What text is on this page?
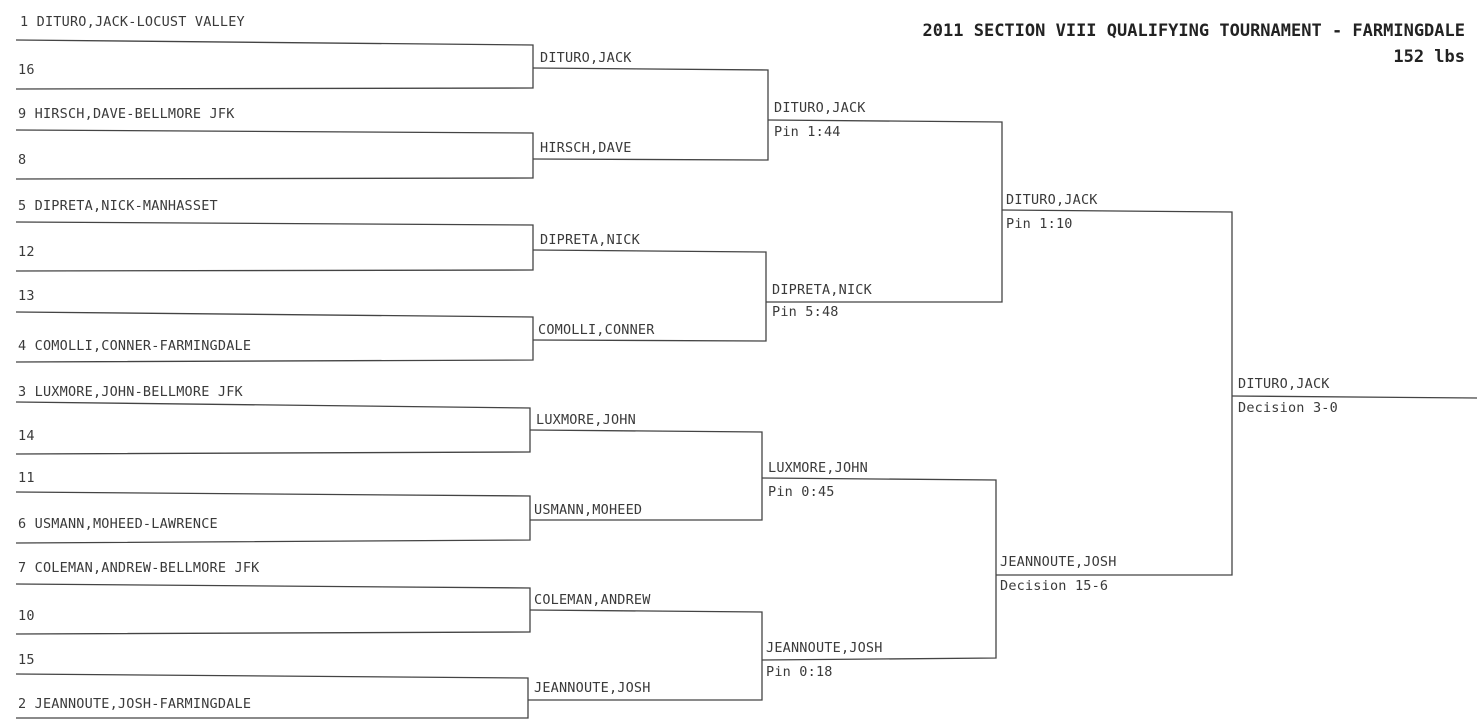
2011 SECTION VIII QUALIFYING TOURNAMENT - FARMINGDALE
152 lbs
1 DITURO,JACK-LOCUST VALLEY
16
9 HIRSCH,DAVE-BELLMORE JFK
8
5 DIPRETA,NICK-MANHASSET
12
13
4 COMOLLI,CONNER-FARMINGDALE
3 LUXMORE,JOHN-BELLMORE JFK
14
11
6 USMANN,MOHEED-LAWRENCE
7 COLEMAN,ANDREW-BELLMORE JFK
10
15
2 JEANNOUTE,JOSH-FARMINGDALE
DITURO,JACK
HIRSCH,DAVE
DIPRETA,NICK
COMOLLI,CONNER
LUXMORE,JOHN
USMANN,MOHEED
COLEMAN,ANDREW
JEANNOUTE,JOSH
DITURO,JACK
Pin 1:44
DIPRETA,NICK
Pin 5:48
LUXMORE,JOHN
Pin 0:45
JEANNOUTE,JOSH
Pin 0:18
DITURO,JACK
Pin 1:10
JEANNOUTE,JOSH
Decision 15-6
DITURO,JACK
Decision 3-0
